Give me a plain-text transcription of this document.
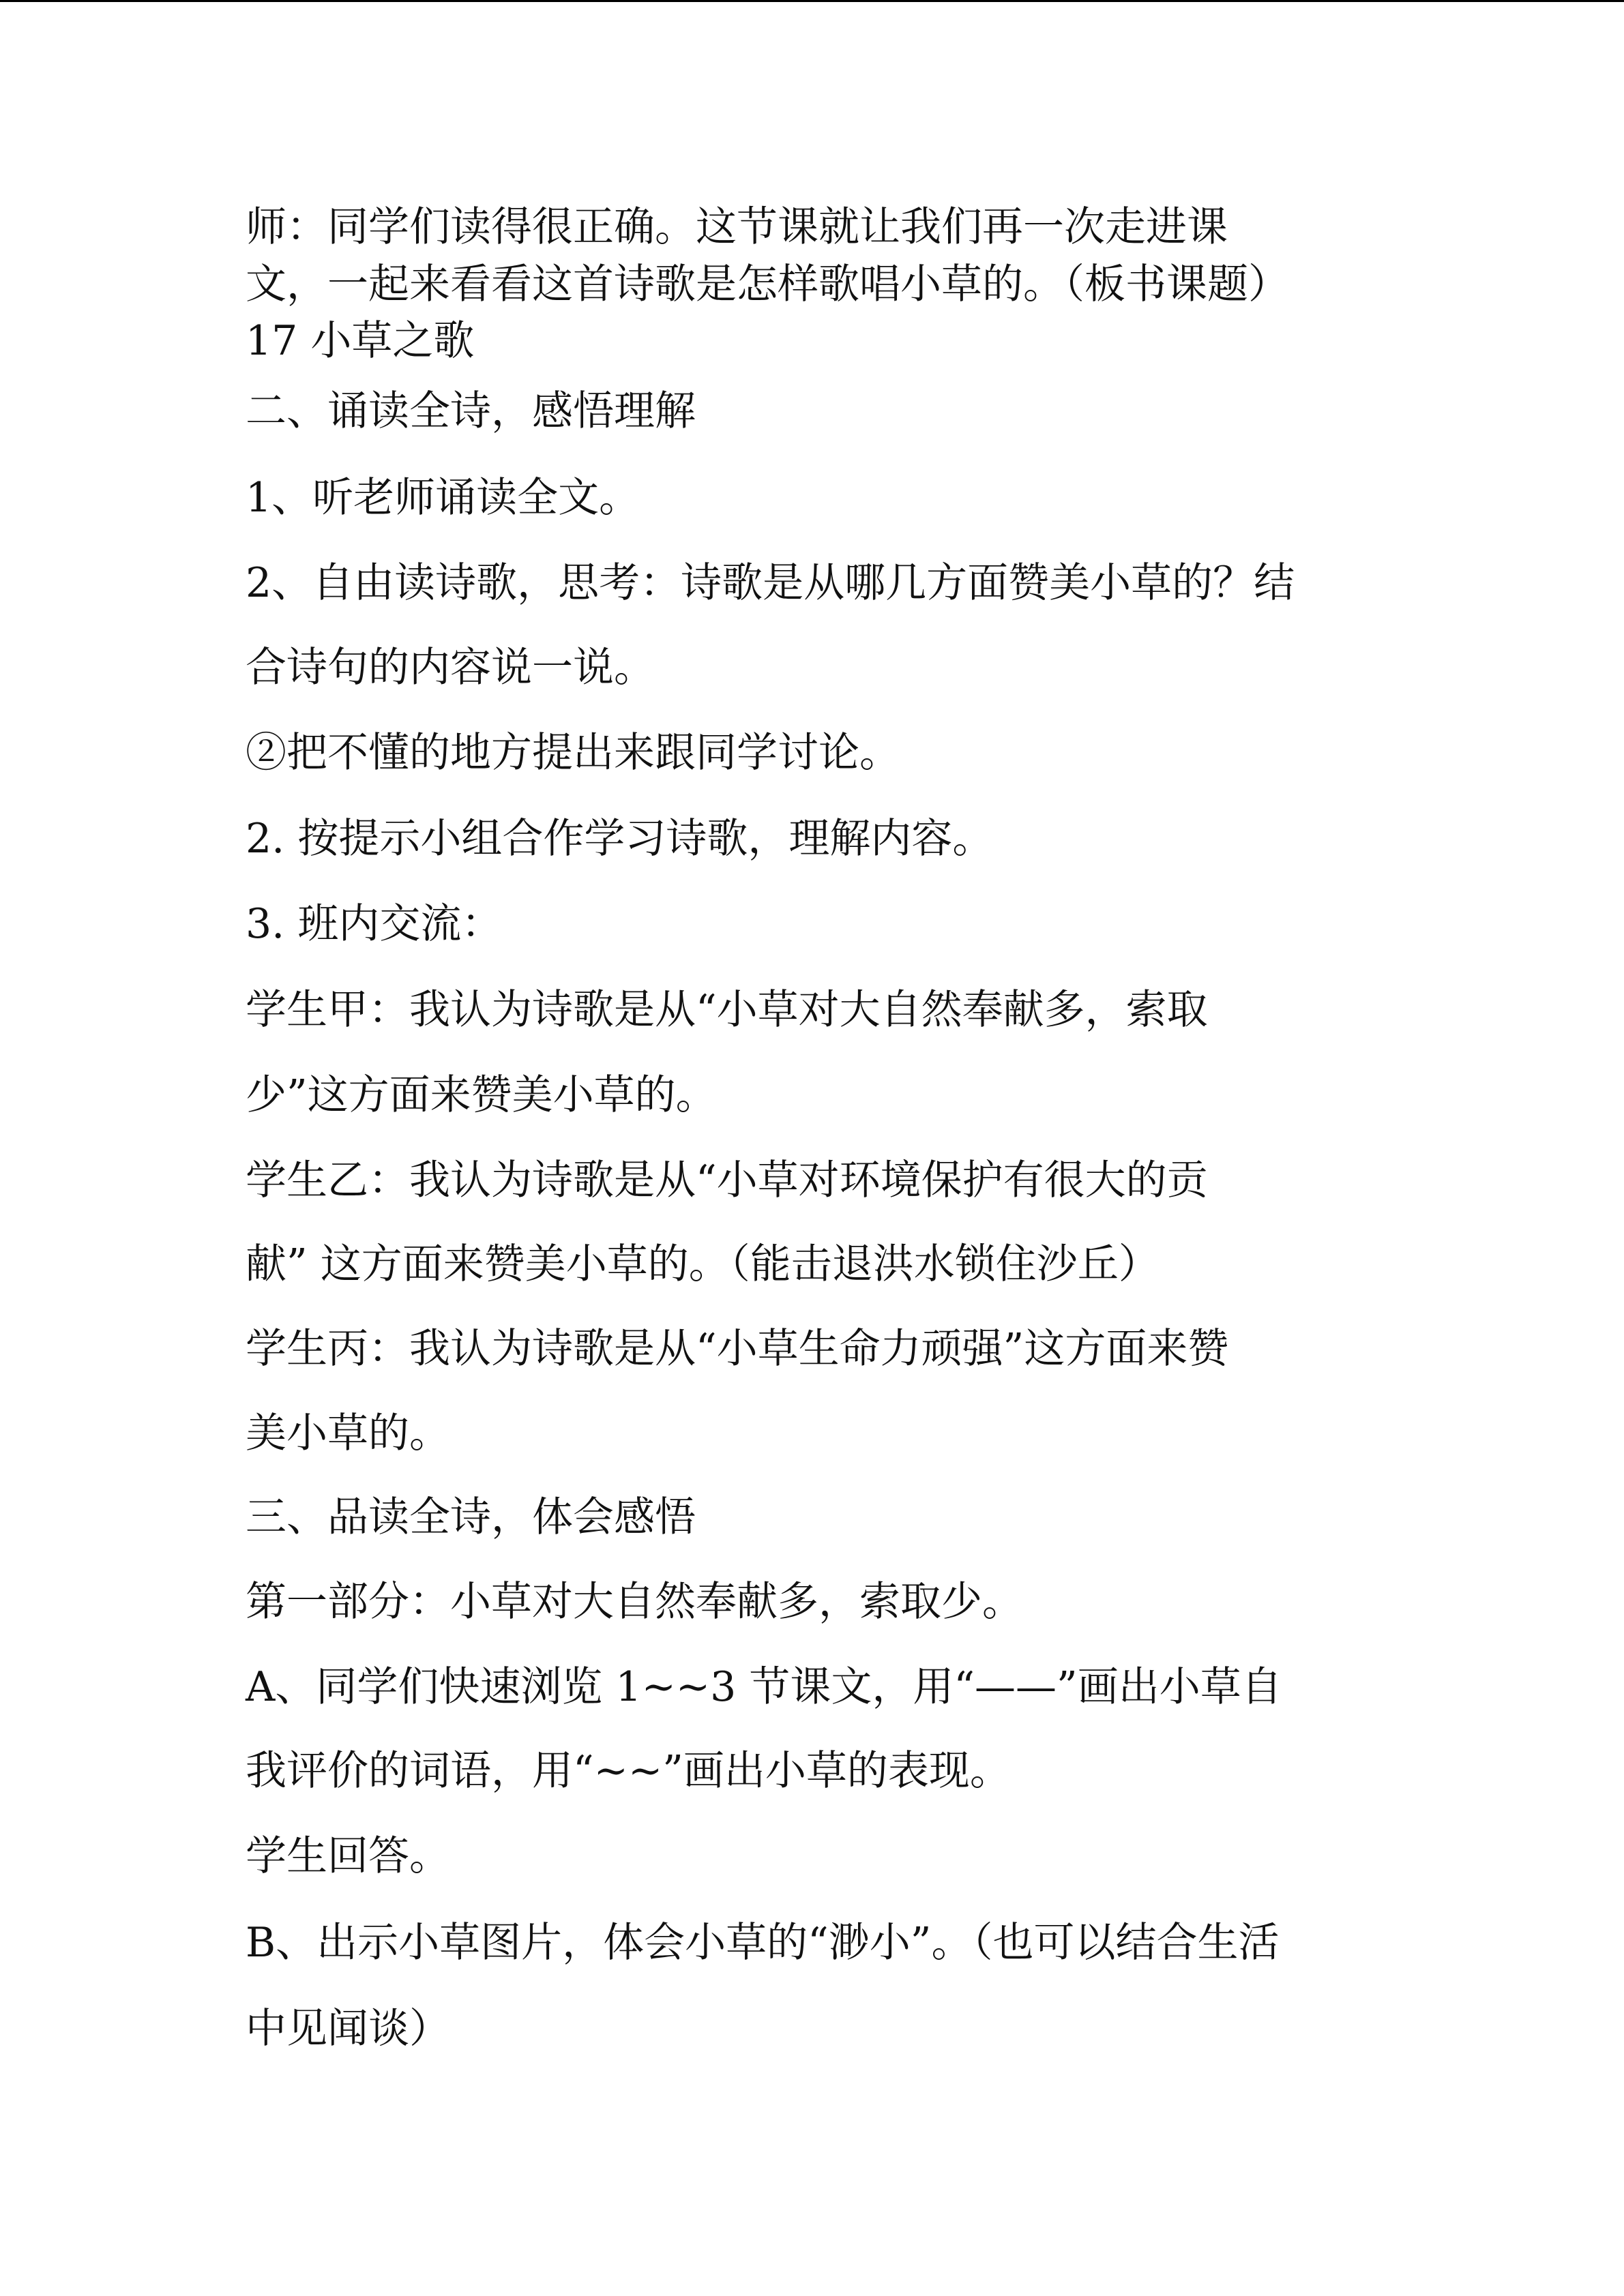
师：同学们读得很正确。这节课就让我们再一次走进课

文，一起来看看这首诗歌是怎样歌唱小草的。（板书课题）

17 小草之歌

二、诵读全诗，感悟理解

1、听老师诵读全文。

2、自由读诗歌，思考：诗歌是从哪几方面赞美小草的？结

合诗句的内容说一说。

②把不懂的地方提出来跟同学讨论。

2. 按提示小组合作学习诗歌，理解内容。

3. 班内交流：

学生甲：我认为诗歌是从“小草对大自然奉献多，索取

少”这方面来赞美小草的。

学生乙：我认为诗歌是从“小草对环境保护有很大的贡

献” 这方面来赞美小草的。（能击退洪水锁住沙丘）

学生丙：我认为诗歌是从“小草生命力顽强”这方面来赞

美小草的。

三、品读全诗，体会感悟

第一部分：小草对大自然奉献多，索取少。

A、同学们快速浏览 1~~3 节课文，用“——”画出小草自

我评价的词语，用“~~”画出小草的表现。

学生回答。

B、出示小草图片，体会小草的“渺小”。（也可以结合生活

中见闻谈）
